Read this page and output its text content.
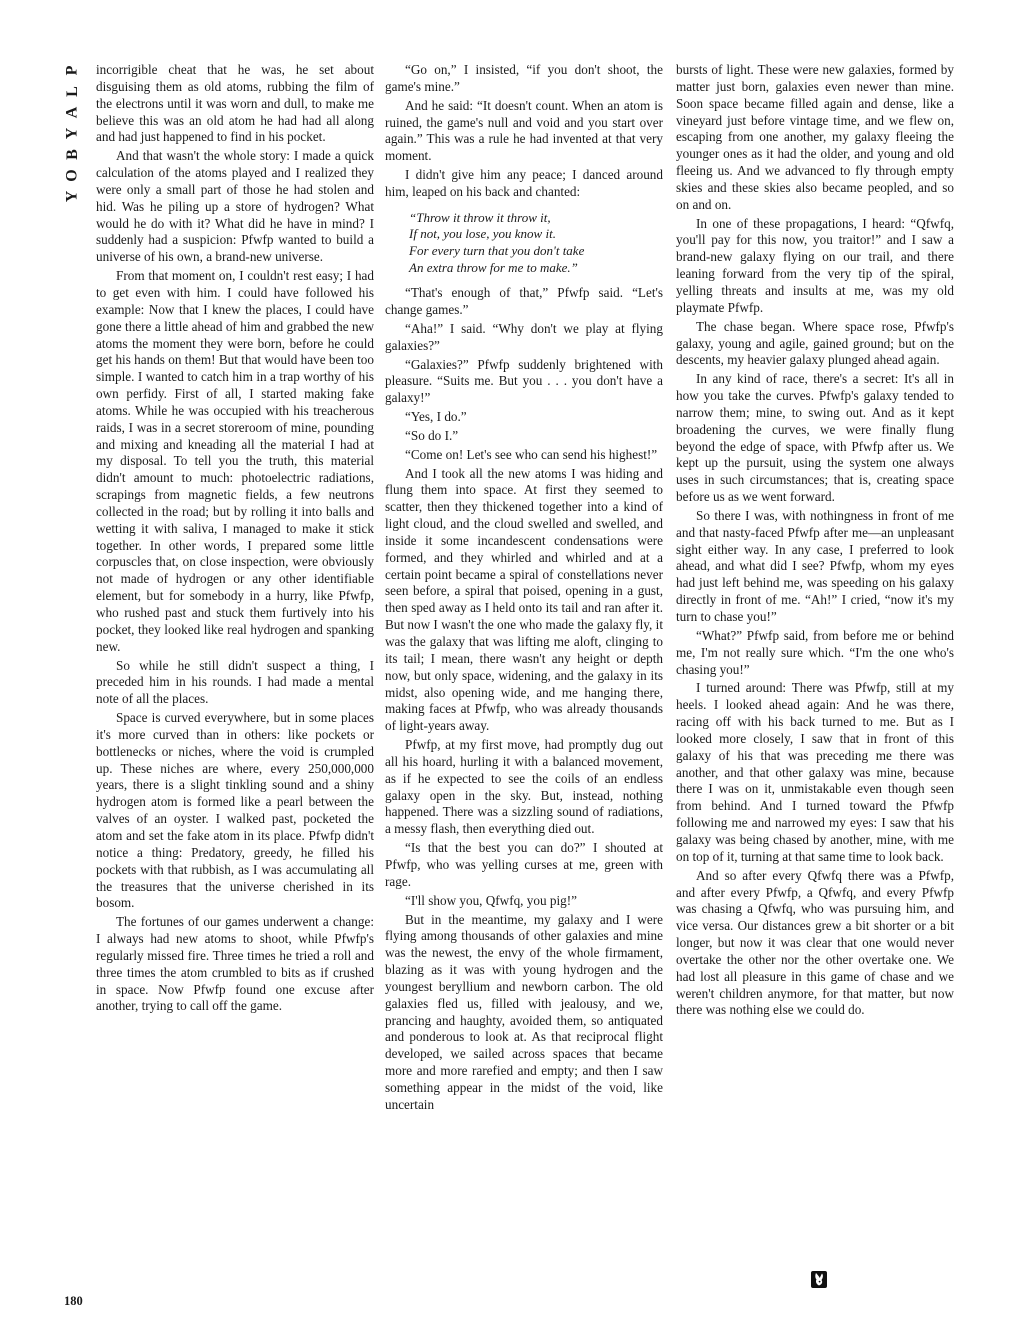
P
L
A
Y
B
O
Y

incorrigible cheat that he was, he set about disguising them as old atoms, rubbing the film of the electrons until it was worn and dull, to make me believe this was an old atom he had had all along and had just happened to find in his pocket.

And that wasn't the whole story: I made a quick calculation of the atoms played and I realized they were only a small part of those he had stolen and hid. Was he piling up a store of hydrogen? What would he do with it? What did he have in mind? I suddenly had a suspicion: Pfwfp wanted to build a universe of his own, a brand-new universe.

From that moment on, I couldn't rest easy; I had to get even with him. I could have followed his example: Now that I knew the places, I could have gone there a little ahead of him and grabbed the new atoms the moment they were born, before he could get his hands on them! But that would have been too simple. I wanted to catch him in a trap worthy of his own perfidy. First of all, I started making fake atoms. While he was occupied with his treacherous raids, I was in a secret storeroom of mine, pounding and mixing and kneading all the material I had at my disposal. To tell you the truth, this material didn't amount to much: photoelectric radiations, scrapings from magnetic fields, a few neutrons collected in the road; but by rolling it into balls and wetting it with saliva, I managed to make it stick together. In other words, I prepared some little corpuscles that, on close inspection, were obviously not made of hydrogen or any other identifiable element, but for somebody in a hurry, like Pfwfp, who rushed past and stuck them furtively into his pocket, they looked like real hydrogen and spanking new.

So while he still didn't suspect a thing, I preceded him in his rounds. I had made a mental note of all the places.

Space is curved everywhere, but in some places it's more curved than in others: like pockets or bottlenecks or niches, where the void is crumpled up. These niches are where, every 250,000,000 years, there is a slight tinkling sound and a shiny hydrogen atom is formed like a pearl between the valves of an oyster. I walked past, pocketed the atom and set the fake atom in its place. Pfwfp didn't notice a thing: Predatory, greedy, he filled his pockets with that rubbish, as I was accumulating all the treasures that the universe cherished in its bosom.

The fortunes of our games underwent a change: I always had new atoms to shoot, while Pfwfp's regularly missed fire. Three times he tried a roll and three times the atom crumbled to bits as if crushed in space. Now Pfwfp found one excuse after another, trying to call off the game.

“Go on,” I insisted, “if you don't shoot, the game's mine.”

And he said: “It doesn't count. When an atom is ruined, the game's null and void and you start over again.” This was a rule he had invented at that very moment.

I didn't give him any peace; I danced around him, leaped on his back and chanted:

“Throw it throw it throw it,
If not, you lose, you know it.
For every turn that you don't take
An extra throw for me to make.”

“That's enough of that,” Pfwfp said. “Let's change games.”

“Aha!” I said. “Why don't we play at flying galaxies?”

“Galaxies?” Pfwfp suddenly brightened with pleasure. “Suits me. But you . . . you don't have a galaxy!”

“Yes, I do.”

“So do I.”

“Come on! Let's see who can send his highest!”

And I took all the new atoms I was hiding and flung them into space. At first they seemed to scatter, then they thickened together into a kind of light cloud, and the cloud swelled and swelled, and inside it some incandescent condensations were formed, and they whirled and whirled and at a certain point became a spiral of constellations never seen before, a spiral that poised, opening in a gust, then sped away as I held onto its tail and ran after it. But now I wasn't the one who made the galaxy fly, it was the galaxy that was lifting me aloft, clinging to its tail; I mean, there wasn't any height or depth now, but only space, widening, and the galaxy in its midst, also opening wide, and me hanging there, making faces at Pfwfp, who was already thousands of light-years away.

Pfwfp, at my first move, had promptly dug out all his hoard, hurling it with a balanced movement, as if he expected to see the coils of an endless galaxy open in the sky. But, instead, nothing happened. There was a sizzling sound of radiations, a messy flash, then everything died out.

“Is that the best you can do?” I shouted at Pfwfp, who was yelling curses at me, green with rage.

“I'll show you, Qfwfq, you pig!”

But in the meantime, my galaxy and I were flying among thousands of other galaxies and mine was the newest, the envy of the whole firmament, blazing as it was with young hydrogen and the youngest beryllium and newborn carbon. The old galaxies fled us, filled with jealousy, and we, prancing and haughty, avoided them, so antiquated and ponderous to look at. As that reciprocal flight developed, we sailed across spaces that became more and more rarefied and empty; and then I saw something appear in the midst of the void, like uncertain

bursts of light. These were new galaxies, formed by matter just born, galaxies even newer than mine. Soon space became filled again and dense, like a vineyard just before vintage time, and we flew on, escaping from one another, my galaxy fleeing the younger ones as it had the older, and young and old fleeing us. And we advanced to fly through empty skies and these skies also became peopled, and so on and on.

In one of these propagations, I heard: “Qfwfq, you'll pay for this now, you traitor!” and I saw a brand-new galaxy flying on our trail, and there leaning forward from the very tip of the spiral, yelling threats and insults at me, was my old playmate Pfwfp.

The chase began. Where space rose, Pfwfp's galaxy, young and agile, gained ground; but on the descents, my heavier galaxy plunged ahead again.

In any kind of race, there's a secret: It's all in how you take the curves. Pfwfp's galaxy tended to narrow them; mine, to swing out. And as it kept broadening the curves, we were finally flung beyond the edge of space, with Pfwfp after us. We kept up the pursuit, using the system one always uses in such circumstances; that is, creating space before us as we went forward.

So there I was, with nothingness in front of me and that nasty-faced Pfwfp after me—an unpleasant sight either way. In any case, I preferred to look ahead, and what did I see? Pfwfp, whom my eyes had just left behind me, was speeding on his galaxy directly in front of me. “Ah!” I cried, “now it's my turn to chase you!”

“What?” Pfwfp said, from before me or behind me, I'm not really sure which. “I'm the one who's chasing you!”

I turned around: There was Pfwfp, still at my heels. I looked ahead again: And he was there, racing off with his back turned to me. But as I looked more closely, I saw that in front of this galaxy of his that was preceding me there was another, and that other galaxy was mine, because there I was on it, unmistakable even though seen from behind. And I turned toward the Pfwfp following me and narrowed my eyes: I saw that his galaxy was being chased by another, mine, with me on top of it, turning at that same time to look back.

And so after every Qfwfq there was a Pfwfp, and after every Pfwfp, a Qfwfq, and every Pfwfp was chasing a Qfwfq, who was pursuing him, and vice versa. Our distances grew a bit shorter or a bit longer, but now it was clear that one would never overtake the other nor the other overtake one. We had lost all pleasure in this game of chase and we weren't children anymore, for that matter, but now there was nothing else we could do.

180
